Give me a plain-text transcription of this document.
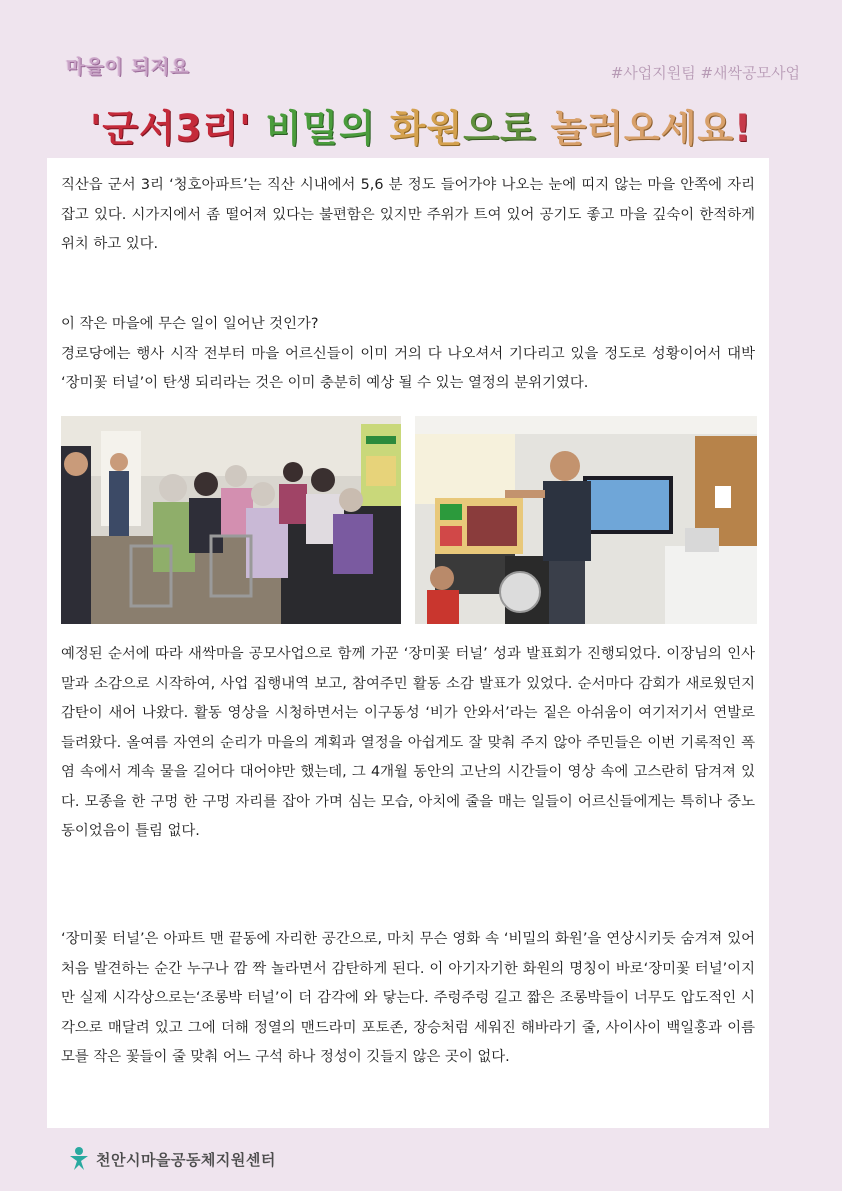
마을이 되저요	#사업지원팀 #새싹공모사업
'군서3리' 비밀의 화원으로 놀러오세요!

직산읍 군서 3리 ‘청호아파트’는 직산 시내에서 5,6 분 정도 들어가야 나오는 눈에 띠지 않는 마을 안쪽에 자리 잡고 있다. 시가지에서 좀 떨어져 있다는 불편함은 있지만 주위가 트여 있어 공기도 좋고 마을 깊숙이 한적하게 위치 하고 있다.

이 작은 마을에 무슨 일이 일어난 것인가?
경로당에는 행사 시작 전부터 마을 어르신들이 이미 거의 다 나오셔서 기다리고 있을 정도로 성황이어서 대박 ‘장미꽃 터널’이 탄생 되리라는 것은 이미 충분히 예상 될 수 있는 열정의 분위기였다.

예정된 순서에 따라 새싹마을 공모사업으로 함께 가꾼 ‘장미꽃 터널’ 성과 발표회가 진행되었다. 이장님의 인사말과 소감으로 시작하여, 사업 집행내역 보고, 참여주민 활동 소감 발표가 있었다. 순서마다 감회가 새로웠던지 감탄이 새어 나왔다. 활동 영상을 시청하면서는 이구동성 ‘비가 안와서’라는 짙은 아쉬움이 여기저기서 연발로 들려왔다. 올여름 자연의 순리가 마을의 계획과 열정을 아쉽게도 잘 맞춰 주지 않아 주민들은 이번 기록적인 폭염 속에서 계속 물을 길어다 대어야만 했는데, 그 4개월 동안의 고난의 시간들이 영상 속에 고스란히 담겨져 있다. 모종을 한 구멍 한 구멍 자리를 잡아 가며 심는 모습, 아치에 줄을 매는 일들이 어르신들에게는 특히나 중노동이었음이 틀림 없다.

‘장미꽃 터널’은 아파트 맨 끝동에 자리한 공간으로, 마치 무슨 영화 속 ‘비밀의 화원’을 연상시키듯 숨겨져 있어 처음 발견하는 순간 누구나 깜 짝 놀라면서 감탄하게 된다. 이 아기자기한 화원의 명칭이 바로‘장미꽃 터널’이지만 실제 시각상으로는‘조롱박 터널’이 더 감각에 와 닿는다. 주렁주렁 길고 짧은 조롱박들이 너무도 압도적인 시각으로 매달려 있고 그에 더해 정열의 맨드라미 포토존, 장승처럼 세워진 해바라기 줄, 사이사이 백일홍과 이름 모를 작은 꽃들이 줄 맞춰 어느 구석 하나 정성이 깃들지 않은 곳이 없다.

천안시마을공동체지원센터
